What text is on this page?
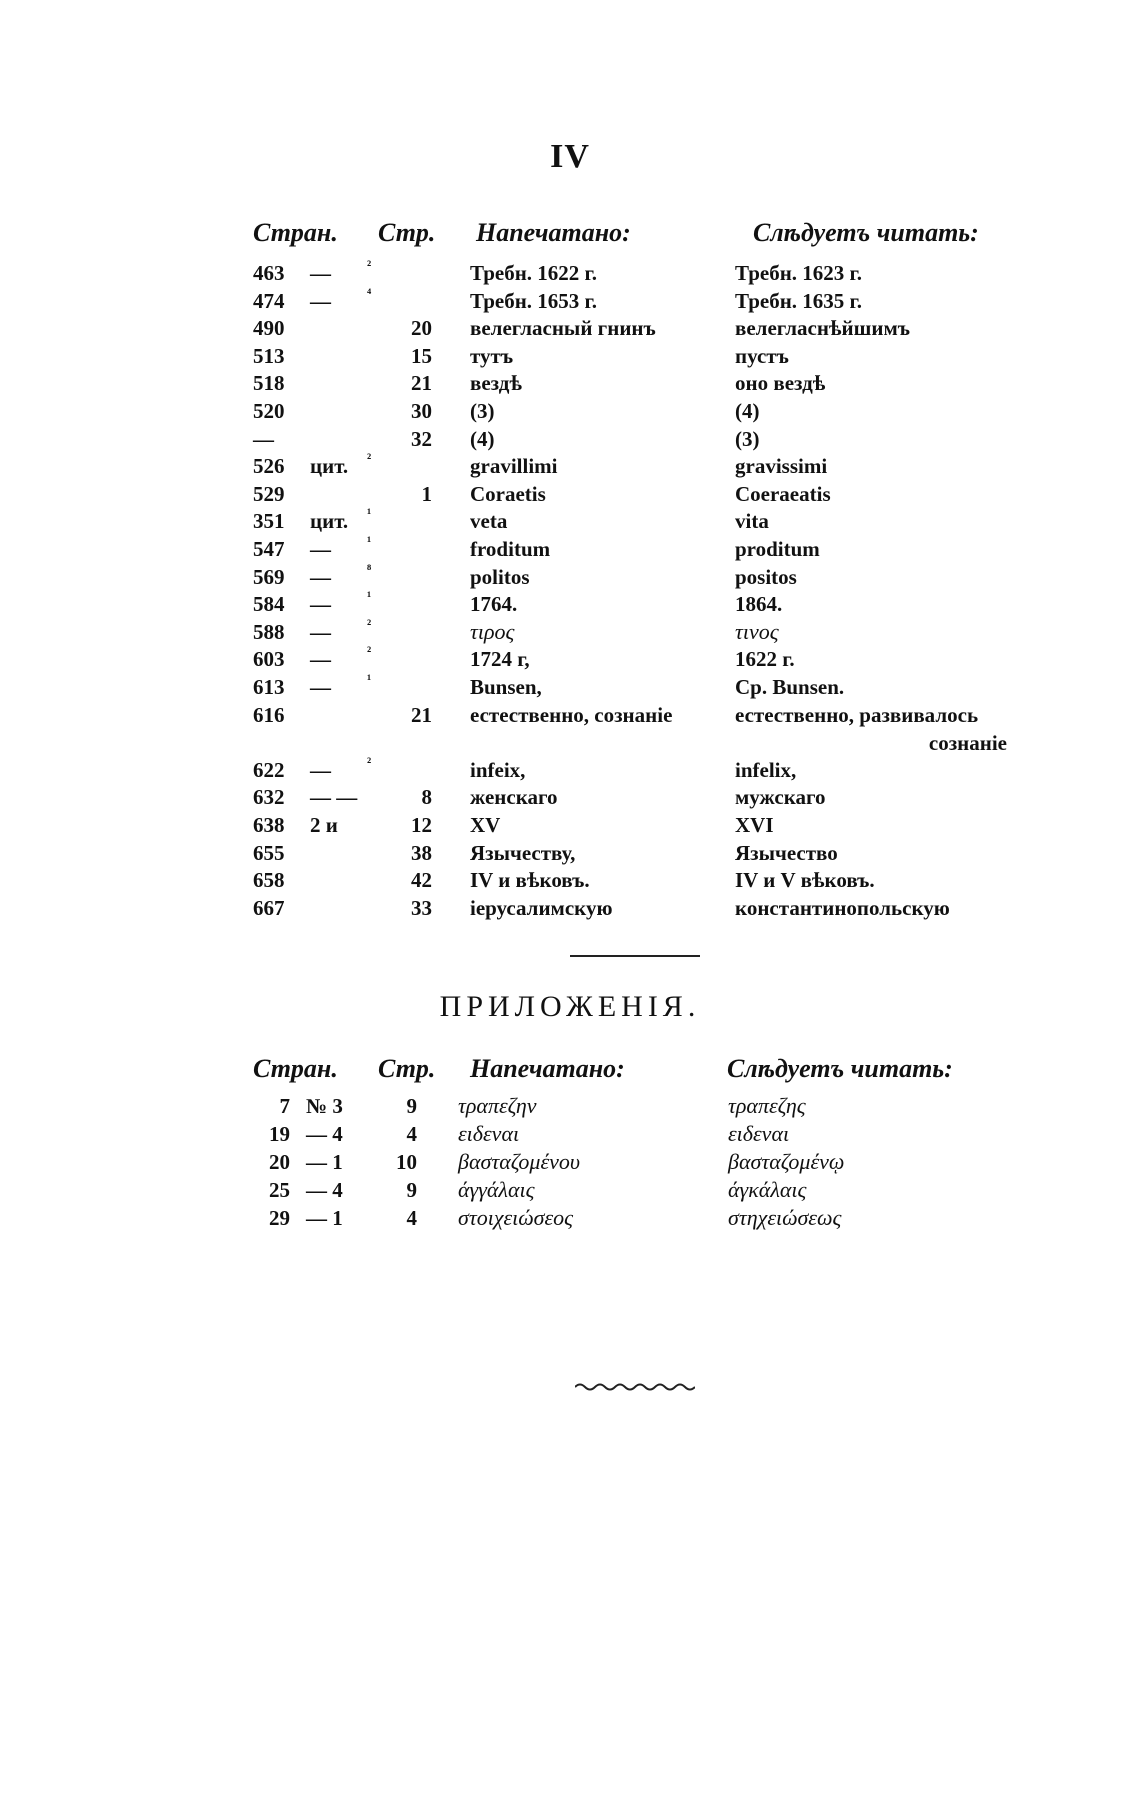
IV
Стран. Стр. Напечатано:	Слѣдуетъ читать:
463 —	²	Требн. 1622 г.	Требн. 1623 г.
474 —	⁴	Требн. 1653 г.	Требн. 1635 г.
490	20 велегласный гнинъ	велегласнѣйшимъ
513	15 тутъ	пустъ
518	21 вездѣ	оно вездѣ
520	30 (3)	(4)
—	32 (4)	(3)
526 цит. ²	gravillimi	gravissimi
529	1 Coraetis	Coeraeatis
351 цит. ¹	veta	vita
547 —	¹	froditum	proditum
569 —	⁸	politos	positos
584 —	¹	1764.	1864.
588 —	²	τιρος	τινος
603 —	²	1724 г,	1622 г.
613 —	¹	Bunsen,	Cp. Bunsen.
616	21 естественно, сознаніе	естественно, развивалось
сознаніе
622 —	²	infeix,	infelix,
632 — —	8 женскаго	мужскаго
638 2 и	12 XV	XVI
655	38 Язычеству,	Язычество
658	42 IV и вѣковъ.	IV и V вѣковъ.
667	33 іерусалимскую	константинопольскую
ПРИЛОЖЕНІЯ.
Стран. Стр. Напечатано:	Слѣдуетъ читать:
7 № 3	9 τραπεζην	τραπεζης
19 — 4	4 ειδεναι	ειδεναι
20 — 1	10 βασταζομένου	βασταζομένῳ
25 — 4	9 άγγάλαις	άγκάλαις
29 — 1	4 στοιχειώσεος	στηχειώσεως
